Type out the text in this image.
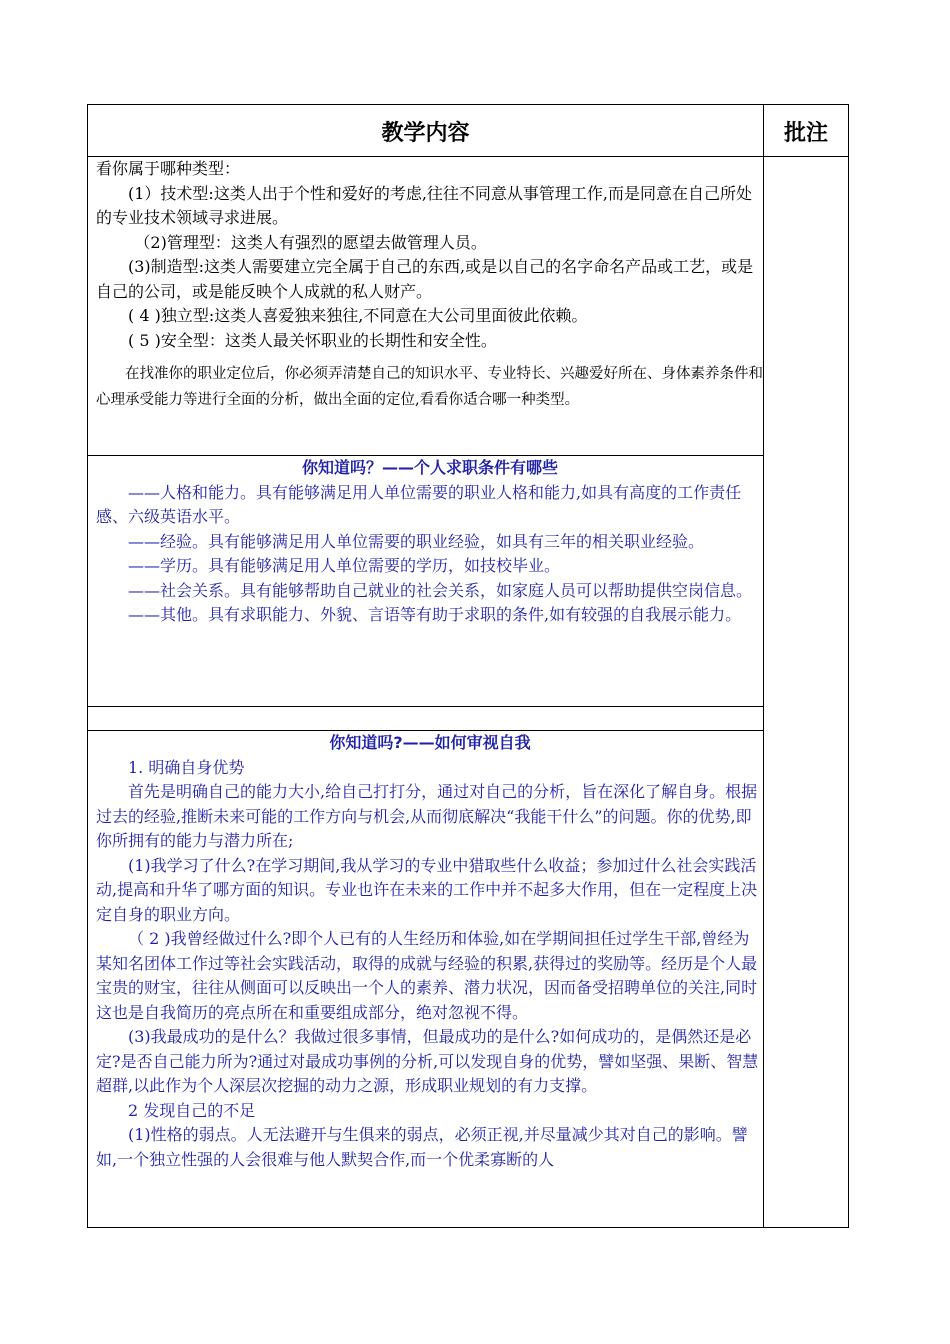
教学内容	批注

看你属于哪种类型：

(1）技术型:这类人出于个性和爱好的考虑,往往不同意从事管理工作,而是同意在自己所处的专业技术领域寻求进展。

（2)管理型：这类人有强烈的愿望去做管理人员。

(3)制造型:这类人需要建立完全属于自己的东西,或是以自己的名字命名产品或工艺，或是自己的公司，或是能反映个人成就的私人财产。

( 4 )独立型:这类人喜爱独来独往,不同意在大公司里面彼此依赖。

( 5 )安全型：这类人最关怀职业的长期性和安全性。

在找准你的职业定位后，你必须弄清楚自己的知识水平、专业特长、兴趣爱好所在、身体素养条件和心理承受能力等进行全面的分析，做出全面的定位,看看你适合哪一种类型。

你知道吗？——个人求职条件有哪些

——人格和能力。具有能够满足用人单位需要的职业人格和能力,如具有高度的工作责任感、六级英语水平。

——经验。具有能够满足用人单位需要的职业经验，如具有三年的相关职业经验。

——学历。具有能够满足用人单位需要的学历，如技校毕业。

——社会关系。具有能够帮助自己就业的社会关系，如家庭人员可以帮助提供空岗信息。

——其他。具有求职能力、外貌、言语等有助于求职的条件,如有较强的自我展示能力。

你知道吗?——如何审视自我

1. 明确自身优势

首先是明确自己的能力大小,给自己打打分，通过对自己的分析，旨在深化了解自身。根据过去的经验,推断未来可能的工作方向与机会,从而彻底解决“我能干什么”的问题。你的优势,即你所拥有的能力与潜力所在;

(1)我学习了什么?在学习期间,我从学习的专业中猎取些什么收益；参加过什么社会实践活动,提高和升华了哪方面的知识。专业也许在未来的工作中并不起多大作用，但在一定程度上决定自身的职业方向。

（ 2 )我曾经做过什么?即个人已有的人生经历和体验,如在学期间担任过学生干部,曾经为某知名团体工作过等社会实践活动，取得的成就与经验的积累,获得过的奖励等。经历是个人最宝贵的财宝，往往从侧面可以反映出一个人的素养、潜力状况，因而备受招聘单位的关注,同时这也是自我简历的亮点所在和重要组成部分，绝对忽视不得。

(3)我最成功的是什么？我做过很多事情，但最成功的是什么?如何成功的，是偶然还是必定?是否自己能力所为?通过对最成功事例的分析,可以发现自身的优势，譬如坚强、果断、智慧超群,以此作为个人深层次挖掘的动力之源，形成职业规划的有力支撑。

2 发现自己的不足

(1)性格的弱点。人无法避开与生俱来的弱点，必须正视,并尽量减少其对自己的影响。譬如,一个独立性强的人会很难与他人默契合作,而一个优柔寡断的人
